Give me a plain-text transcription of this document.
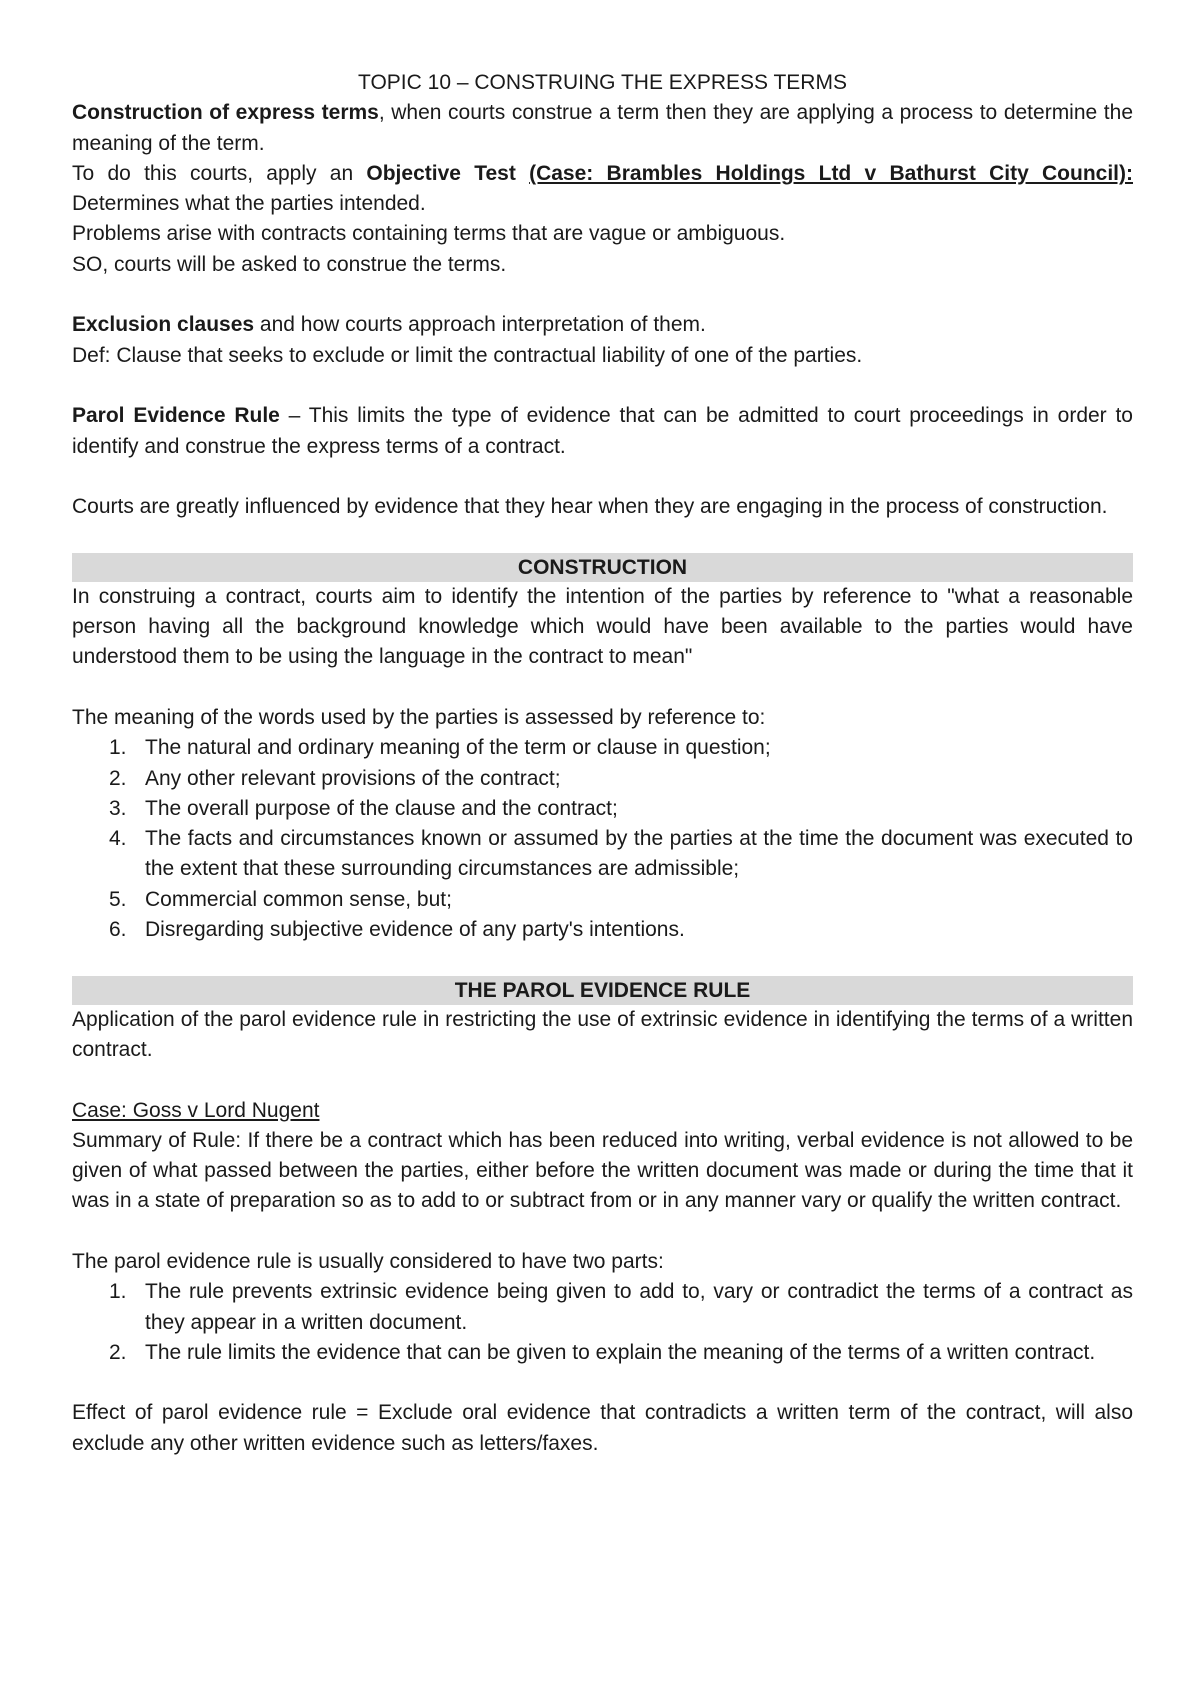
TOPIC 10 – CONSTRUING THE EXPRESS TERMS

Construction of express terms, when courts construe a term then they are applying a process to determine the meaning of the term.

To do this courts, apply an Objective Test (Case: Brambles Holdings Ltd v Bathurst City Council): Determines what the parties intended.

Problems arise with contracts containing terms that are vague or ambiguous.

SO, courts will be asked to construe the terms.

Exclusion clauses and how courts approach interpretation of them.

Def: Clause that seeks to exclude or limit the contractual liability of one of the parties.

Parol Evidence Rule – This limits the type of evidence that can be admitted to court proceedings in order to identify and construe the express terms of a contract.

Courts are greatly influenced by evidence that they hear when they are engaging in the process of construction.

CONSTRUCTION

In construing a contract, courts aim to identify the intention of the parties by reference to "what a reasonable person having all the background knowledge which would have been available to the parties would have understood them to be using the language in the contract to mean"

The meaning of the words used by the parties is assessed by reference to:

1. The natural and ordinary meaning of the term or clause in question;
2. Any other relevant provisions of the contract;
3. The overall purpose of the clause and the contract;
4. The facts and circumstances known or assumed by the parties at the time the document was executed to the extent that these surrounding circumstances are admissible;
5. Commercial common sense, but;
6. Disregarding subjective evidence of any party's intentions.

THE PAROL EVIDENCE RULE

Application of the parol evidence rule in restricting the use of extrinsic evidence in identifying the terms of a written contract.

Case: Goss v Lord Nugent

Summary of Rule: If there be a contract which has been reduced into writing, verbal evidence is not allowed to be given of what passed between the parties, either before the written document was made or during the time that it was in a state of preparation so as to add to or subtract from or in any manner vary or qualify the written contract.

The parol evidence rule is usually considered to have two parts:

1. The rule prevents extrinsic evidence being given to add to, vary or contradict the terms of a contract as they appear in a written document.
2. The rule limits the evidence that can be given to explain the meaning of the terms of a written contract.

Effect of parol evidence rule = Exclude oral evidence that contradicts a written term of the contract, will also exclude any other written evidence such as letters/faxes.
